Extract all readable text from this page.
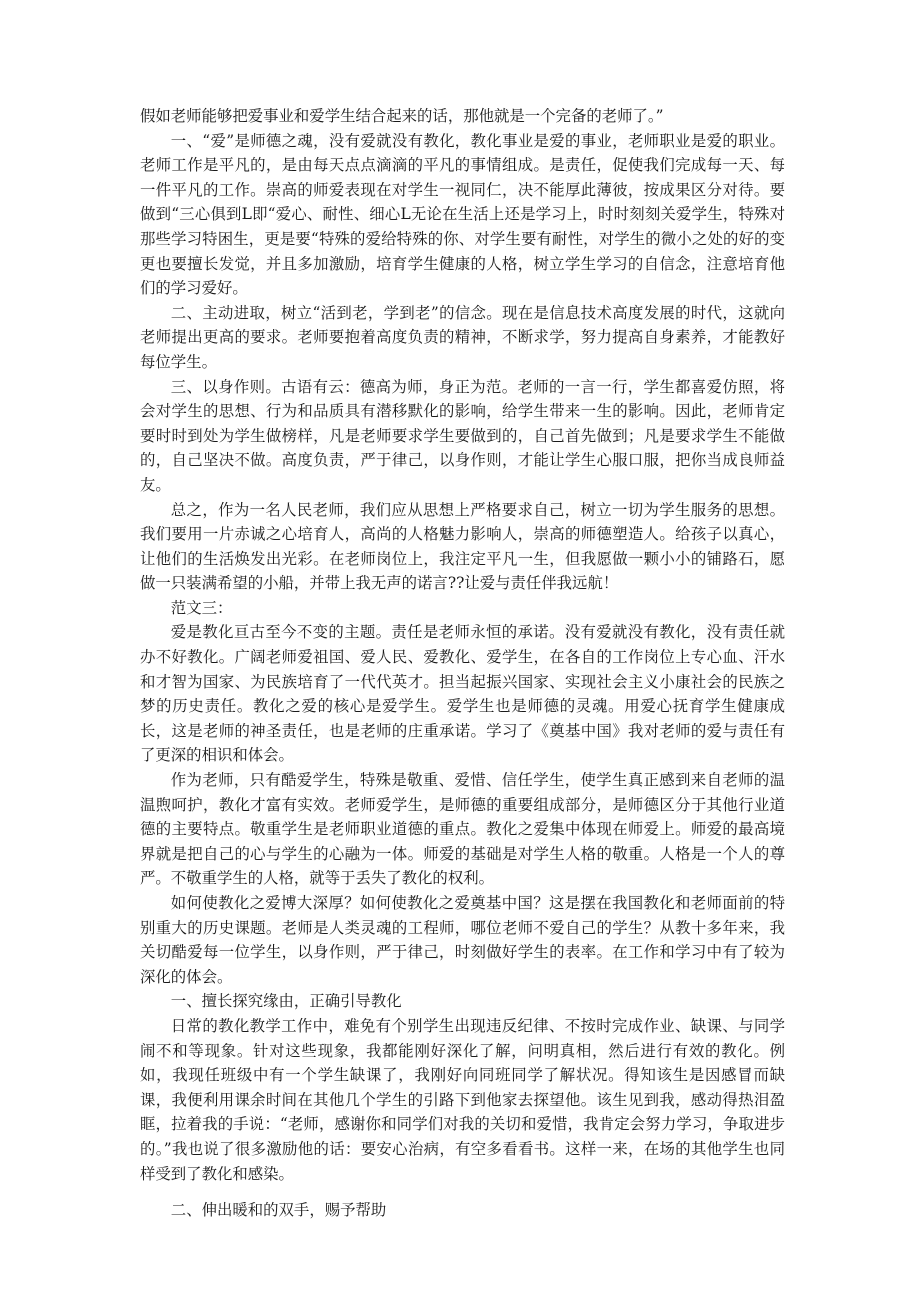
假如老师能够把爱事业和爱学生结合起来的话，那他就是一个完备的老师了。”

一、“爱”是师德之魂，没有爱就没有教化，教化事业是爱的事业，老师职业是爱的职业。老师工作是平凡的，是由每天点点滴滴的平凡的事情组成。是责任，促使我们完成每一天、每一件平凡的工作。崇高的师爱表现在对学生一视同仁，决不能厚此薄彼，按成果区分对待。要做到“三心俱到L即“爱心、耐性、细心L无论在生活上还是学习上，时时刻刻关爱学生，特殊对那些学习特困生，更是要“特殊的爱给特殊的你、对学生要有耐性，对学生的微小之处的好的变更也要擅长发觉，并且多加激励，培育学生健康的人格，树立学生学习的自信念，注意培育他们的学习爱好。

二、主动进取，树立“活到老，学到老”的信念。现在是信息技术高度发展的时代，这就向老师提出更高的要求。老师要抱着高度负责的精神，不断求学，努力提高自身素养，才能教好每位学生。

三、以身作则。古语有云：德高为师，身正为范。老师的一言一行，学生都喜爱仿照，将会对学生的思想、行为和品质具有潜移默化的影响，给学生带来一生的影响。因此，老师肯定要时时到处为学生做榜样，凡是老师要求学生要做到的，自己首先做到；凡是要求学生不能做的，自己坚决不做。高度负责，严于律己，以身作则，才能让学生心服口服，把你当成良师益友。

总之，作为一名人民老师，我们应从思想上严格要求自己，树立一切为学生服务的思想。我们要用一片赤诚之心培育人，高尚的人格魅力影响人，崇高的师德塑造人。给孩子以真心，让他们的生活焕发出光彩。在老师岗位上，我注定平凡一生，但我愿做一颗小小的铺路石，愿做一只装满希望的小船，并带上我无声的诺言??让爱与责任伴我远航！

范文三：

爱是教化亘古至今不变的主题。责任是老师永恒的承诺。没有爱就没有教化，没有责任就办不好教化。广阔老师爱祖国、爱人民、爱教化、爱学生，在各自的工作岗位上专心血、汗水和才智为国家、为民族培育了一代代英才。担当起振兴国家、实现社会主义小康社会的民族之梦的历史责任。教化之爱的核心是爱学生。爱学生也是师德的灵魂。用爱心抚育学生健康成长，这是老师的神圣责任，也是老师的庄重承诺。学习了《奠基中国》我对老师的爱与责任有了更深的相识和体会。

作为老师，只有酷爱学生，特殊是敬重、爱惜、信任学生，使学生真正感到来自老师的温温煦呵护，教化才富有实效。老师爱学生，是师德的重要组成部分，是师德区分于其他行业道德的主要特点。敬重学生是老师职业道德的重点。教化之爱集中体现在师爱上。师爱的最高境界就是把自己的心与学生的心融为一体。师爱的基础是对学生人格的敬重。人格是一个人的尊严。不敬重学生的人格，就等于丢失了教化的权利。

如何使教化之爱博大深厚？如何使教化之爱奠基中国？这是摆在我国教化和老师面前的特别重大的历史课题。老师是人类灵魂的工程师，哪位老师不爱自己的学生？从教十多年来，我关切酷爱每一位学生，以身作则，严于律己，时刻做好学生的表率。在工作和学习中有了较为深化的体会。

一、擅长探究缘由，正确引导教化

日常的教化教学工作中，难免有个别学生出现违反纪律、不按时完成作业、缺课、与同学闹不和等现象。针对这些现象，我都能刚好深化了解，问明真相，然后进行有效的教化。例如，我现任班级中有一个学生缺课了，我刚好向同班同学了解状况。得知该生是因感冒而缺课，我便利用课余时间在其他几个学生的引路下到他家去探望他。该生见到我，感动得热泪盈眶，拉着我的手说：“老师，感谢你和同学们对我的关切和爱惜，我肯定会努力学习，争取进步的。”我也说了很多激励他的话：要安心治病，有空多看看书。这样一来，在场的其他学生也同样受到了教化和感染。

二、伸出暖和的双手，赐予帮助
